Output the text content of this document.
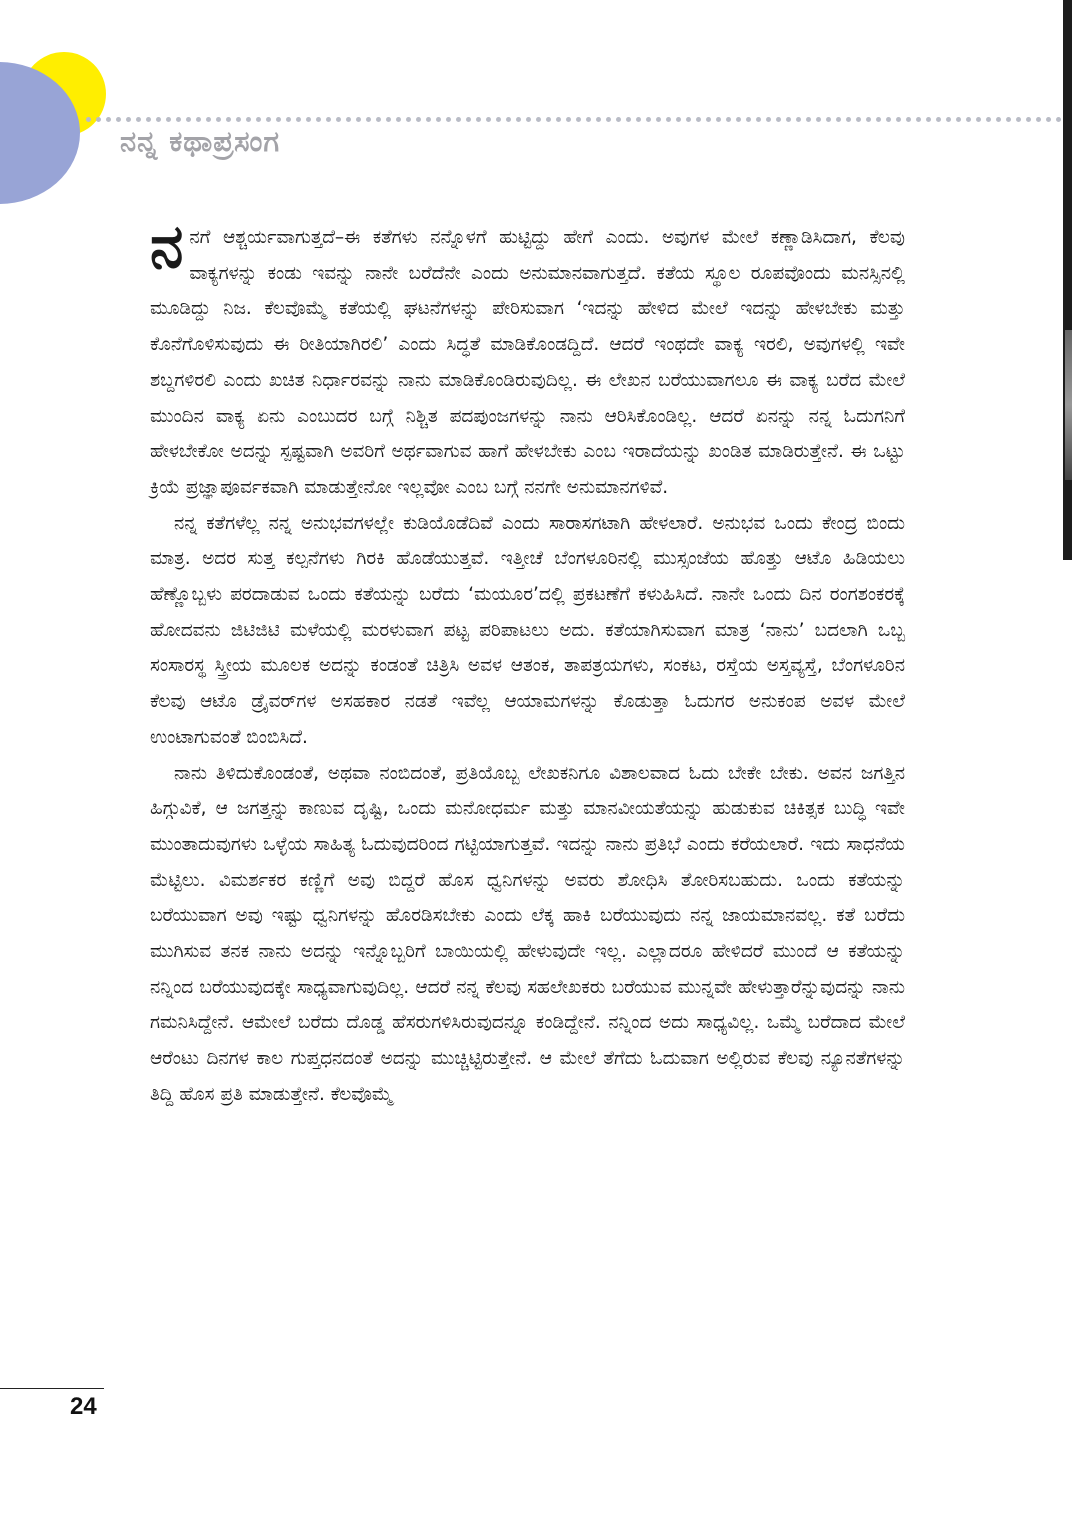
ನನ್ನ ಕಥಾಪ್ರಸಂಗ

ನನಗೆ ಆಶ್ಚರ್ಯವಾಗುತ್ತದೆ–ಈ ಕತೆಗಳು ನನ್ನೊಳಗೆ ಹುಟ್ಟಿದ್ದು ಹೇಗೆ ಎಂದು. ಅವುಗಳ ಮೇಲೆ ಕಣ್ಣಾಡಿಸಿದಾಗ, ಕೆಲವು ವಾಕ್ಯಗಳನ್ನು ಕಂಡು ಇವನ್ನು ನಾನೇ ಬರೆದೆನೇ ಎಂದು ಅನುಮಾನವಾಗುತ್ತದೆ. ಕತೆಯ ಸ್ಥೂಲ ರೂಪವೊಂದು ಮನಸ್ಸಿನಲ್ಲಿ ಮೂಡಿದ್ದು ನಿಜ. ಕೆಲವೊಮ್ಮೆ ಕತೆಯಲ್ಲಿ ಘಟನೆಗಳನ್ನು ಪೇರಿಸುವಾಗ ‘ಇದನ್ನು ಹೇಳಿದ ಮೇಲೆ ಇದನ್ನು ಹೇಳಬೇಕು ಮತ್ತು ಕೊನೆಗೊಳಿಸುವುದು ಈ ರೀತಿಯಾಗಿರಲಿ’ ಎಂದು ಸಿದ್ಧತೆ ಮಾಡಿಕೊಂಡದ್ದಿದೆ. ಆದರೆ ಇಂಥದೇ ವಾಕ್ಯ ಇರಲಿ, ಅವುಗಳಲ್ಲಿ ಇವೇ ಶಬ್ದಗಳಿರಲಿ ಎಂದು ಖಚಿತ ನಿರ್ಧಾರವನ್ನು ನಾನು ಮಾಡಿಕೊಂಡಿರುವುದಿಲ್ಲ. ಈ ಲೇಖನ ಬರೆಯುವಾಗಲೂ ಈ ವಾಕ್ಯ ಬರೆದ ಮೇಲೆ ಮುಂದಿನ ವಾಕ್ಯ ಏನು ಎಂಬುದರ ಬಗ್ಗೆ ನಿಶ್ಚಿತ ಪದಪುಂಜಗಳನ್ನು ನಾನು ಆರಿಸಿಕೊಂಡಿಲ್ಲ. ಆದರೆ ಏನನ್ನು ನನ್ನ ಓದುಗನಿಗೆ ಹೇಳಬೇಕೋ ಅದನ್ನು ಸ್ಪಷ್ಟವಾಗಿ ಅವರಿಗೆ ಅರ್ಥವಾಗುವ ಹಾಗೆ ಹೇಳಬೇಕು ಎಂಬ ಇರಾದೆಯನ್ನು ಖಂಡಿತ ಮಾಡಿರುತ್ತೇನೆ. ಈ ಒಟ್ಟು ಕ್ರಿಯೆ ಪ್ರಜ್ಞಾಪೂರ್ವಕವಾಗಿ ಮಾಡುತ್ತೇನೋ ಇಲ್ಲವೋ ಎಂಬ ಬಗ್ಗೆ ನನಗೇ ಅನುಮಾನಗಳಿವೆ.

ನನ್ನ ಕತೆಗಳೆಲ್ಲ ನನ್ನ ಅನುಭವಗಳಲ್ಲೇ ಕುಡಿಯೊಡೆದಿವೆ ಎಂದು ಸಾರಾಸಗಟಾಗಿ ಹೇಳಲಾರೆ. ಅನುಭವ ಒಂದು ಕೇಂದ್ರ ಬಿಂದು ಮಾತ್ರ. ಅದರ ಸುತ್ತ ಕಲ್ಪನೆಗಳು ಗಿರಕಿ ಹೊಡೆಯುತ್ತವೆ. ಇತ್ತೀಚೆ ಬೆಂಗಳೂರಿನಲ್ಲಿ ಮುಸ್ಸಂಜೆಯ ಹೊತ್ತು ಆಟೊ ಹಿಡಿಯಲು ಹೆಣ್ಣೊಬ್ಬಳು ಪರದಾಡುವ ಒಂದು ಕತೆಯನ್ನು ಬರೆದು ‘ಮಯೂರ’ದಲ್ಲಿ ಪ್ರಕಟಣೆಗೆ ಕಳುಹಿಸಿದೆ. ನಾನೇ ಒಂದು ದಿನ ರಂಗಶಂಕರಕ್ಕೆ ಹೋದವನು ಜಿಟಿಜಿಟಿ ಮಳೆಯಲ್ಲಿ ಮರಳುವಾಗ ಪಟ್ಟ ಪರಿಪಾಟಲು ಅದು. ಕತೆಯಾಗಿಸುವಾಗ ಮಾತ್ರ ‘ನಾನು’ ಬದಲಾಗಿ ಒಬ್ಬ ಸಂಸಾರಸ್ಥ ಸ್ತ್ರೀಯ ಮೂಲಕ ಅದನ್ನು ಕಂಡಂತೆ ಚಿತ್ರಿಸಿ ಅವಳ ಆತಂಕ, ತಾಪತ್ರಯಗಳು, ಸಂಕಟ, ರಸ್ತೆಯ ಅಸ್ತವ್ಯಸ್ತೆ, ಬೆಂಗಳೂರಿನ ಕೆಲವು ಆಟೊ ಡ್ರೈವರ್‌ಗಳ ಅಸಹಕಾರ ನಡತೆ ಇವೆಲ್ಲ ಆಯಾಮಗಳನ್ನು ಕೊಡುತ್ತಾ ಓದುಗರ ಅನುಕಂಪ ಅವಳ ಮೇಲೆ ಉಂಟಾಗುವಂತೆ ಬಿಂಬಿಸಿದೆ.

ನಾನು ತಿಳಿದುಕೊಂಡಂತೆ, ಅಥವಾ ನಂಬಿದಂತೆ, ಪ್ರತಿಯೊಬ್ಬ ಲೇಖಕನಿಗೂ ವಿಶಾಲವಾದ ಓದು ಬೇಕೇ ಬೇಕು. ಅವನ ಜಗತ್ತಿನ ಹಿಗ್ಗುವಿಕೆ, ಆ ಜಗತ್ತನ್ನು ಕಾಣುವ ದೃಷ್ಟಿ, ಒಂದು ಮನೋಧರ್ಮ ಮತ್ತು ಮಾನವೀಯತೆಯನ್ನು ಹುಡುಕುವ ಚಿಕಿತ್ಸಕ ಬುದ್ಧಿ ಇವೇ ಮುಂತಾದುವುಗಳು ಒಳ್ಳೆಯ ಸಾಹಿತ್ಯ ಓದುವುದರಿಂದ ಗಟ್ಟಿಯಾಗುತ್ತವೆ. ಇದನ್ನು ನಾನು ಪ್ರತಿಭೆ ಎಂದು ಕರೆಯಲಾರೆ. ಇದು ಸಾಧನೆಯ ಮೆಟ್ಟಿಲು. ವಿಮರ್ಶಕರ ಕಣ್ಣಿಗೆ ಅವು ಬಿದ್ದರೆ ಹೊಸ ಧ್ವನಿಗಳನ್ನು ಅವರು ಶೋಧಿಸಿ ತೋರಿಸಬಹುದು. ಒಂದು ಕತೆಯನ್ನು ಬರೆಯುವಾಗ ಅವು ಇಷ್ಟು ಧ್ವನಿಗಳನ್ನು ಹೊರಡಿಸಬೇಕು ಎಂದು ಲೆಕ್ಕ ಹಾಕಿ ಬರೆಯುವುದು ನನ್ನ ಜಾಯಮಾನವಲ್ಲ. ಕತೆ ಬರೆದು ಮುಗಿಸುವ ತನಕ ನಾನು ಅದನ್ನು ಇನ್ನೊಬ್ಬರಿಗೆ ಬಾಯಿಯಲ್ಲಿ ಹೇಳುವುದೇ ಇಲ್ಲ. ಎಲ್ಲಾದರೂ ಹೇಳಿದರೆ ಮುಂದೆ ಆ ಕತೆಯನ್ನು ನನ್ನಿಂದ ಬರೆಯುವುದಕ್ಕೇ ಸಾಧ್ಯವಾಗುವುದಿಲ್ಲ. ಆದರೆ ನನ್ನ ಕೆಲವು ಸಹಲೇಖಕರು ಬರೆಯುವ ಮುನ್ನವೇ ಹೇಳುತ್ತಾರೆನ್ನುವುದನ್ನು ನಾನು ಗಮನಿಸಿದ್ದೇನೆ. ಆಮೇಲೆ ಬರೆದು ದೊಡ್ಡ ಹೆಸರುಗಳಿಸಿರುವುದನ್ನೂ ಕಂಡಿದ್ದೇನೆ. ನನ್ನಿಂದ ಅದು ಸಾಧ್ಯವಿಲ್ಲ. ಒಮ್ಮೆ ಬರೆದಾದ ಮೇಲೆ ಆರೆಂಟು ದಿನಗಳ ಕಾಲ ಗುಪ್ತಧನದಂತೆ ಅದನ್ನು ಮುಚ್ಚಿಟ್ಟಿರುತ್ತೇನೆ. ಆ ಮೇಲೆ ತೆಗೆದು ಓದುವಾಗ ಅಲ್ಲಿರುವ ಕೆಲವು ನ್ಯೂನತೆಗಳನ್ನು ತಿದ್ದಿ ಹೊಸ ಪ್ರತಿ ಮಾಡುತ್ತೇನೆ. ಕೆಲವೊಮ್ಮೆ

24
